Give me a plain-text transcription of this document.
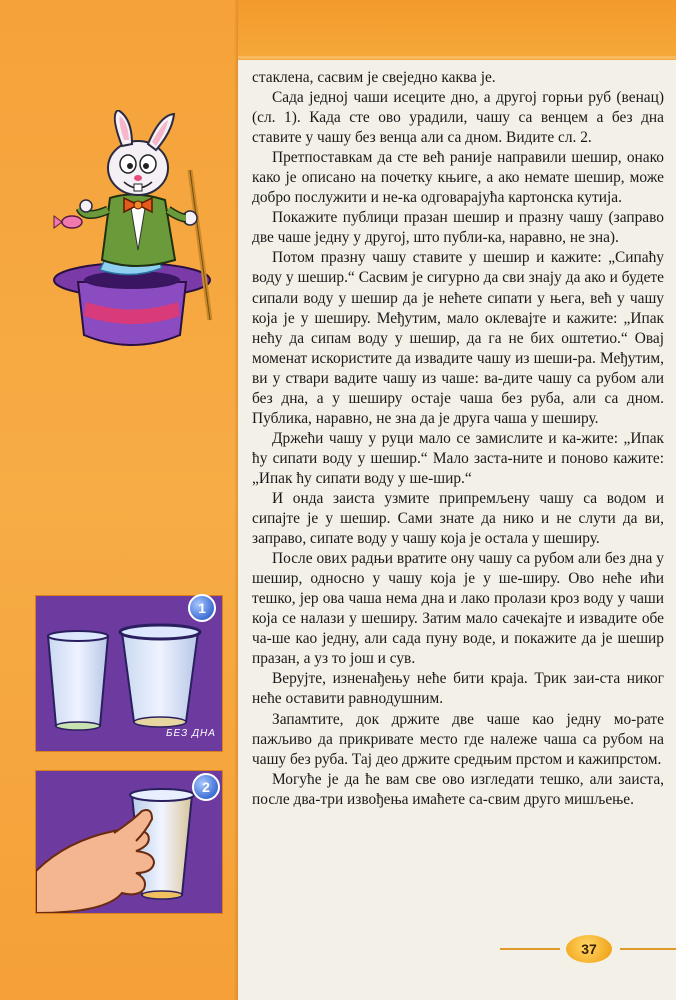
1
БЕЗ ДНА
2

стаклена, сасвим је свеједно каква је.

Сада једној чаши исеците дно, а другој горњи руб (венац) (сл. 1). Када сте ово урадили, чашу са венцем а без дна ставите у чашу без венца али са дном. Видите сл. 2.

Претпоставкам да сте већ раније направили шешир, онако како је описано на почетку књиге, а ако немате шешир, може добро послужити и не-ка одговарајућа картонска кутија.

Покажите публици празан шешир и празну чашу (заправо две чаше једну у другој, што публи-ка, наравно, не зна).

Потом празну чашу ставите у шешир и кажите: „Сипаћу воду у шешир.“ Сасвим је сигурно да сви знају да ако и будете сипали воду у шешир да је нећете сипати у њега, већ у чашу која је у шеширу. Међутим, мало оклевајте и кажите: „Ипак нећу да сипам воду у шешир, да га не бих оштетио.“ Овај моменат искористите да извадите чашу из шеши-ра. Међутим, ви у ствари вадите чашу из чаше: ва-дите чашу са рубом али без дна, а у шеширу остаје чаша без руба, али са дном. Публика, наравно, не зна да је друга чаша у шеширу.

Држећи чашу у руци мало се замислите и ка-жите: „Ипак ћу сипати воду у шешир.“ Мало заста-ните и поново кажите: „Ипак ћу сипати воду у ше-шир.“

И онда заиста узмите припремљену чашу са водом и сипајте је у шешир. Сами знате да нико и не слути да ви, заправо, сипате воду у чашу која је остала у шеширу.

После ових радњи вратите ону чашу са рубом али без дна у шешир, односно у чашу која је у ше-ширу. Ово неће ићи тешко, јер ова чаша нема дна и лако пролази кроз воду у чаши која се налази у шеширу. Затим мало сачекајте и извадите обе ча-ше као једну, али сада пуну воде, и покажите да је шешир празан, а уз то још и сув.

Верујте, изненађењу неће бити краја. Трик заи-ста никог неће оставити равнодушним.

Запамтите, док држите две чаше као једну мо-рате пажљиво да прикривате место где належе чаша са рубом на чашу без руба. Тај део држите средњим прстом и кажипрстом.

Могуће је да ће вам све ово изгледати тешко, али заиста, после два-три извођења имаћете са-свим друго мишљење.

37
